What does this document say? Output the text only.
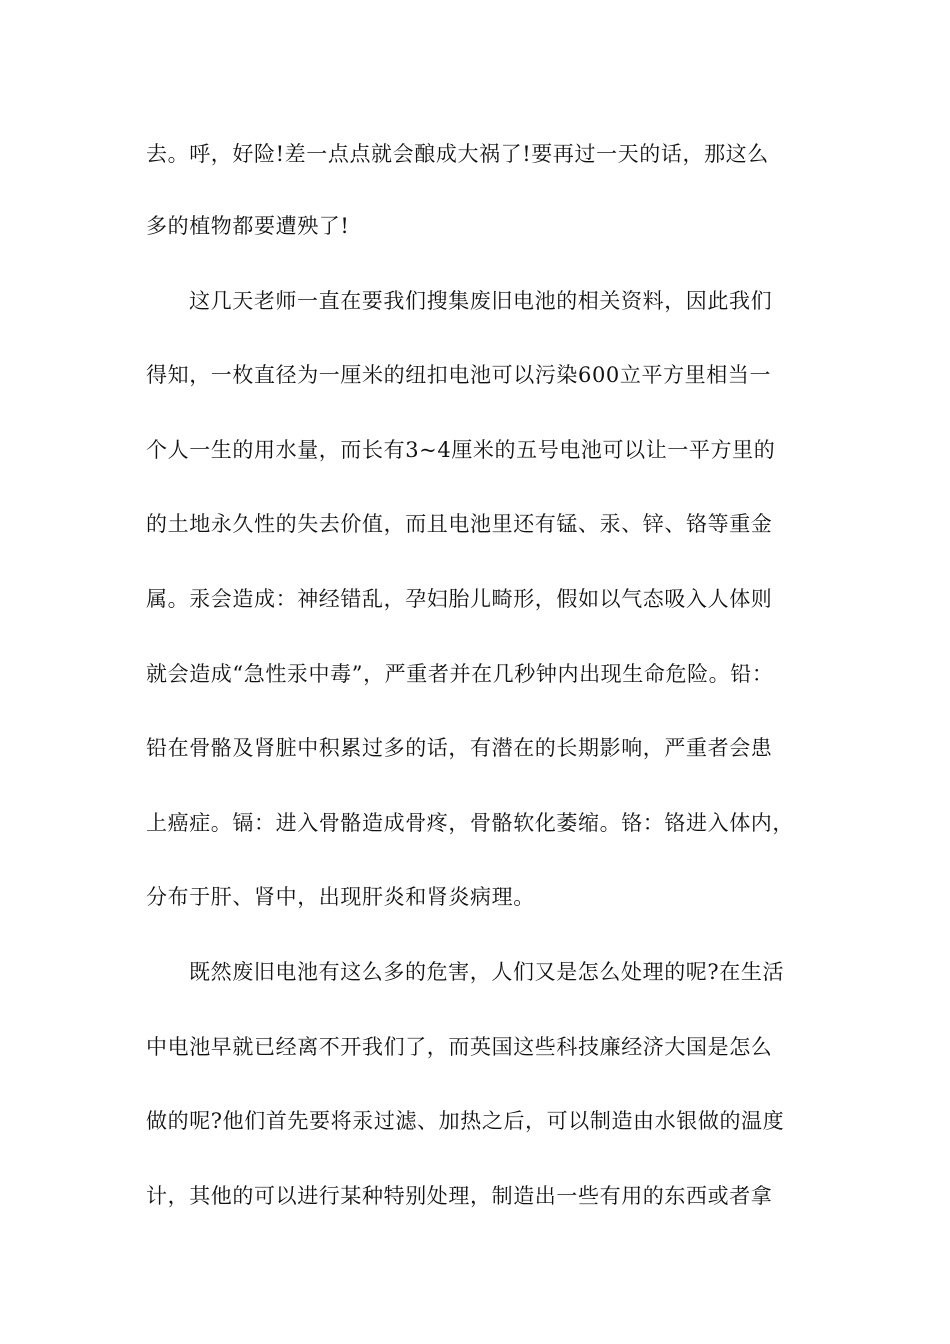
去。呼，好险!差一点点就会酿成大祸了!要再过一天的话，那这么
多的植物都要遭殃了!
这几天老师一直在要我们搜集废旧电池的相关资料，因此我们
得知，一枚直径为一厘米的纽扣电池可以污染600立平方里相当一
个人一生的用水量，而长有3~4厘米的五号电池可以让一平方里的
的土地永久性的失去价值，而且电池里还有锰、汞、锌、铬等重金
属。汞会造成：神经错乱，孕妇胎儿畸形，假如以气态吸入人体则
就会造成“急性汞中毒”，严重者并在几秒钟内出现生命危险。铅：
铅在骨骼及肾脏中积累过多的话，有潜在的长期影响，严重者会患
上癌症。镉：进入骨骼造成骨疼，骨骼软化萎缩。铬：铬进入体内，
分布于肝、肾中，出现肝炎和肾炎病理。
既然废旧电池有这么多的危害，人们又是怎么处理的呢?在生活
中电池早就已经离不开我们了，而英国这些科技廉经济大国是怎么
做的呢?他们首先要将汞过滤、加热之后，可以制造由水银做的温度
计，其他的可以进行某种特别处理，制造出一些有用的东西或者拿
